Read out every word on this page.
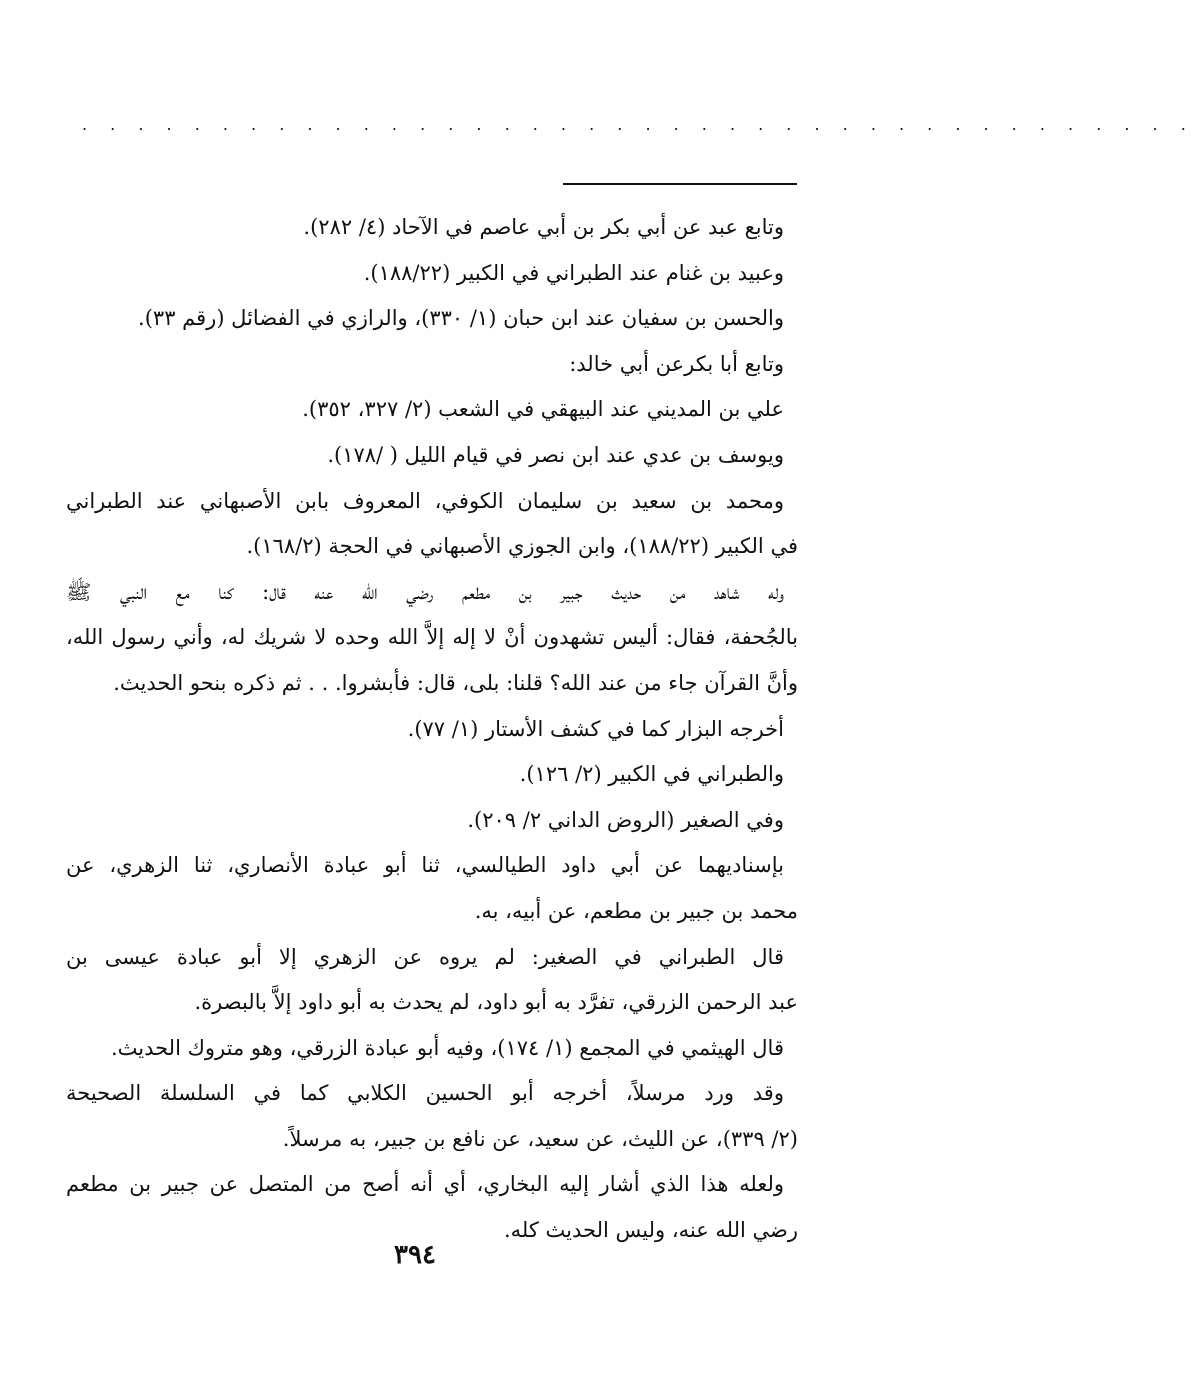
. . . . . . . . . . . . . . . . . . . . . . . . . . . . . . . . . . . . . . . .
وتابع عبد عن أبي بكر بن أبي عاصم في الآحاد (٤/ ٢٨٢).
وعبيد بن غنام عند الطبراني في الكبير (١٨٨/٢٢).
والحسن بن سفيان عند ابن حبان (١/ ٣٣٠)، والرازي في الفضائل (رقم ٣٣).
وتابع أبا بكرعن أبي خالد:
علي بن المديني عند البيهقي في الشعب (٢/ ٣٢٧، ٣٥٢).
ويوسف بن عدي عند ابن نصر في قيام الليل ( /١٧٨).
ومحمد بن سعيد بن سليمان الكوفي، المعروف بابن الأصبهاني عند الطبراني
في الكبير (١٨٨/٢٢)، وابن الجوزي الأصبهاني في الحجة (١٦٨/٢).
وله شاهد من حديث جبير بن مطعم رضي الله عنه قال: كنا مع النبي ﷺ
بالجُحفة، فقال: أليس تشهدون أنْ لا إله إلاَّ الله وحده لا شريك له، وأني رسول الله،
وأنَّ القرآن جاء من عند الله؟ قلنا: بلى، قال: فأبشروا. . . ثم ذكره بنحو الحديث.
أخرجه البزار كما في كشف الأستار (١/ ٧٧).
والطبراني في الكبير (٢/ ١٢٦).
وفي الصغير (الروض الداني ٢/ ٢٠٩).
بإسناديهما عن أبي داود الطيالسي، ثنا أبو عبادة الأنصاري، ثنا الزهري، عن
محمد بن جبير بن مطعم، عن أبيه، به.
قال الطبراني في الصغير: لم يروه عن الزهري إلا أبو عبادة عيسى بن
عبد الرحمن الزرقي، تفرَّد به أبو داود، لم يحدث به أبو داود إلاَّ بالبصرة.
قال الهيثمي في المجمع (١/ ١٧٤)، وفيه أبو عبادة الزرقي، وهو متروك الحديث.
وقد ورد مرسلاً، أخرجه أبو الحسين الكلابي كما في السلسلة الصحيحة
(٢/ ٣٣٩)، عن الليث، عن سعيد، عن نافع بن جبير، به مرسلاً.
ولعله هذا الذي أشار إليه البخاري، أي أنه أصح من المتصل عن جبير بن مطعم
رضي الله عنه، وليس الحديث كله.
٣٩٤
